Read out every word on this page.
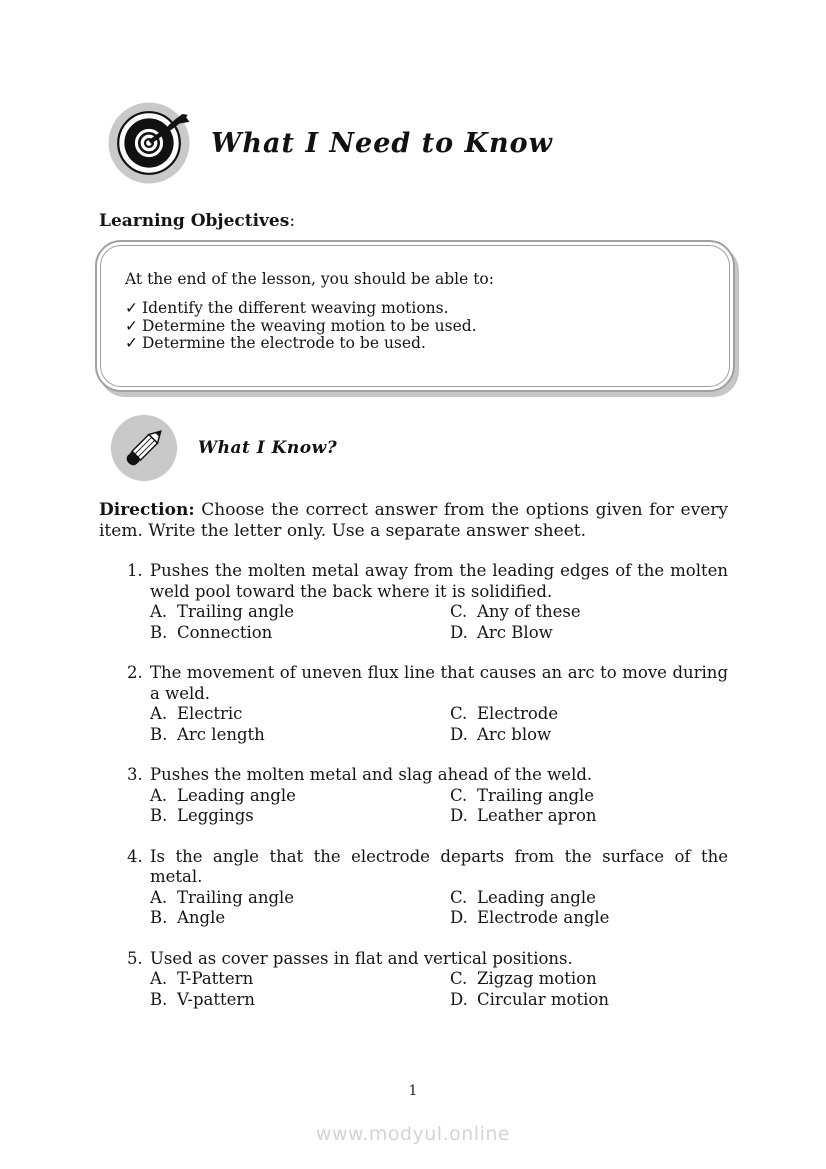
What I Need to Know
Learning Objectives:

At the end of the lesson, you should be able to:

✓ Identify the different weaving motions.
✓ Determine the weaving motion to be used.
✓ Determine the electrode to be used.
What I Know?

Direction: Choose the correct answer from the options given for every item. Write the letter only. Use a separate answer sheet.

1. Pushes the molten metal away from the leading edges of the molten weld pool toward the back where it is solidified.
A. Trailing angle
B. Connection
C. Any of these
D. Arc Blow
2. The movement of uneven flux line that causes an arc to move during a weld.
A. Electric
B. Arc length
C. Electrode
D. Arc blow
3. Pushes the molten metal and slag ahead of the weld.
A. Leading angle
B. Leggings
C. Trailing angle
D. Leather apron
4. Is the angle that the electrode departs from the surface of the metal.
A. Trailing angle
B. Angle
C. Leading angle
D. Electrode angle
5. Used as cover passes in flat and vertical positions.
A. T-Pattern
B. V-pattern
C. Zigzag motion
D. Circular motion
1
www.modyul.online
